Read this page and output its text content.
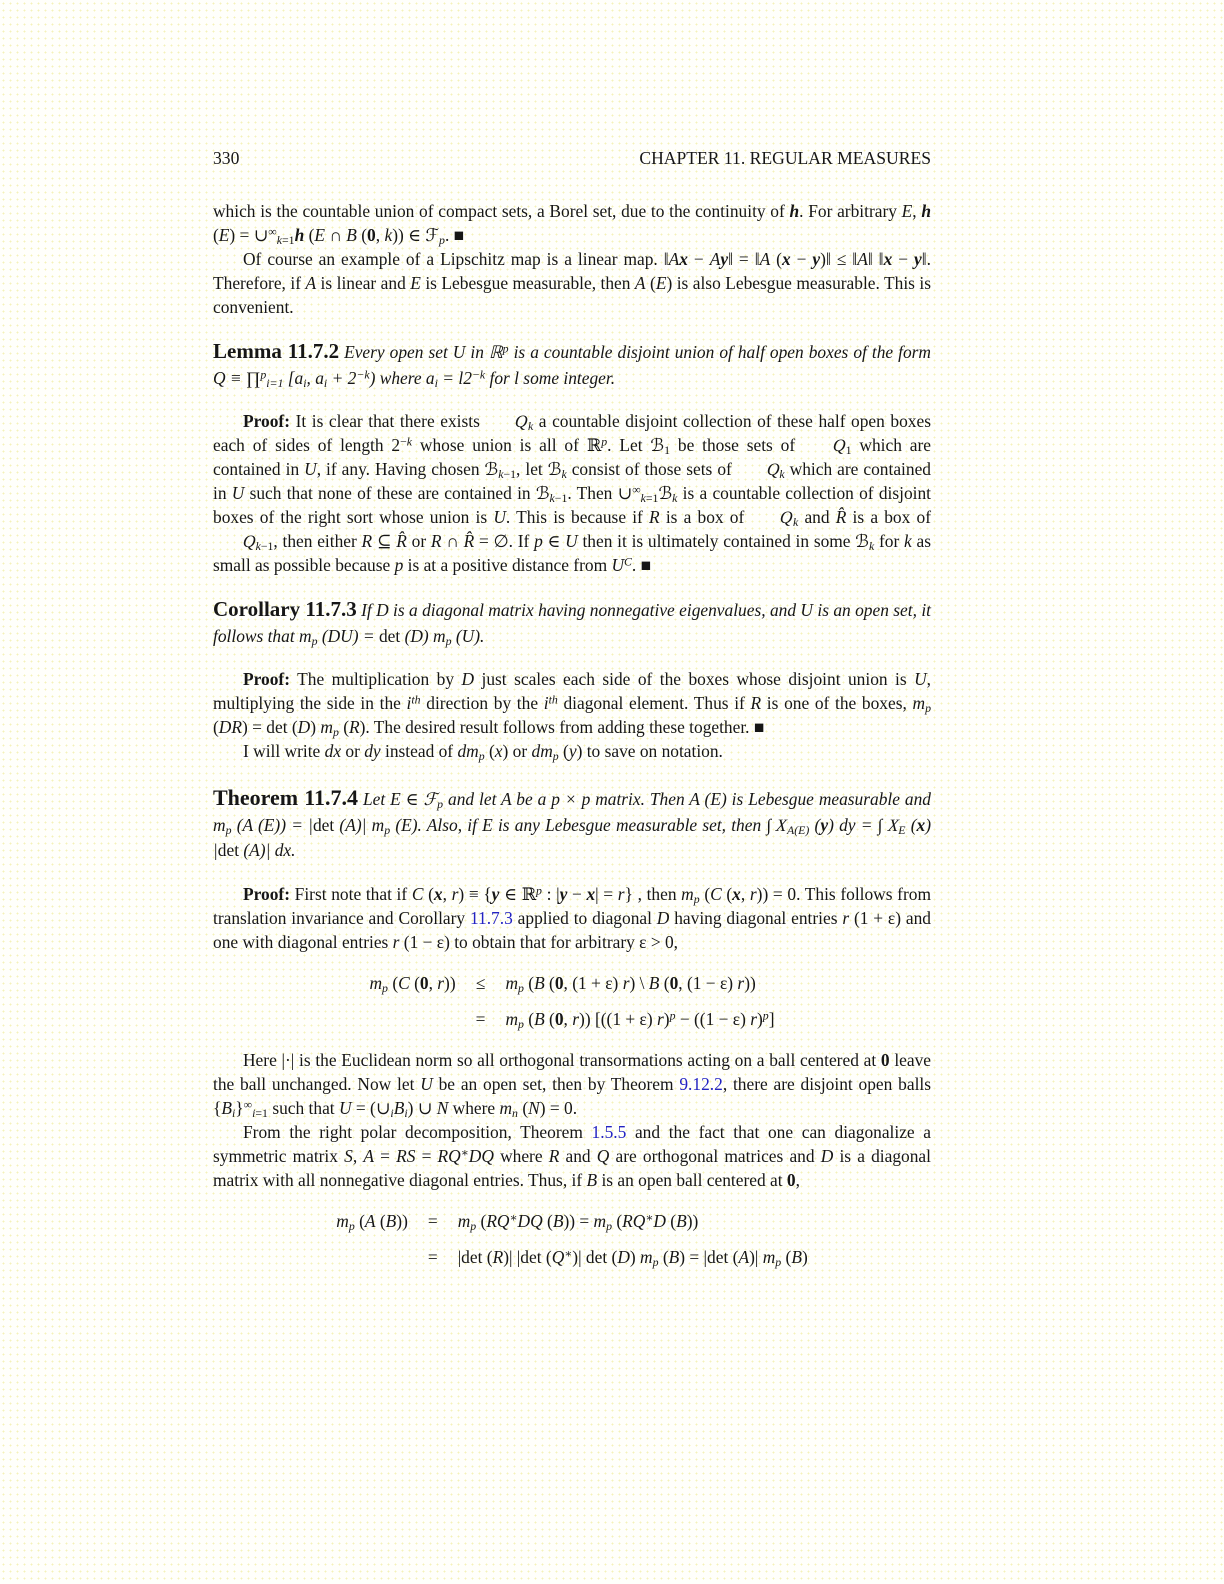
330	CHAPTER 11. REGULAR MEASURES

which is the countable union of compact sets, a Borel set, due to the continuity of h. For arbitrary E, h $(E) = \cup^\infty_{k=1}h$ (E ∩ B (0, k)) ∈ ℱ$_p$. ■

Of course an example of a Lipschitz map is a linear map. ‖Ax − Ay‖ = ‖A (x − y)‖ ≤ ‖A‖ ‖x − y‖. Therefore, if A is linear and E is Lebesgue measurable, then A (E) is also Lebesgue measurable. This is convenient.

Lemma 11.7.2 Every open set U in ℝ$^p$ is a countable disjoint union of half open boxes of the form Q ≡ ∏$^p_{i=1}$ [$a_i$, $a_i + 2^{-k}$) where $a_i = l2^{-k}$ for l some integer.

Proof: It is clear that there exists $Q_k$ a countable disjoint collection of these half open boxes each of sides of length $2^{-k}$ whose union is all of ℝ$^p$. Let ℬ$_1$ be those sets of $Q_1$ which are contained in U, if any. Having chosen ℬ$_{k-1}$, let ℬ$_k$ consist of those sets of $Q_k$ which are contained in U such that none of these are contained in ℬ$_{k-1}$. Then $\cup^\infty_{k=1}ℬ_k$ is a countable collection of disjoint boxes of the right sort whose union is U. This is because if R is a box of $Q_k$ and R̂ is a box of $Q_{k-1}$, then either R ⊆ R̂ or R ∩ R̂ = ∅. If p ∈ U then it is ultimately contained in some ℬ$_k$ for k as small as possible because p is at a positive distance from $U^C$. ■

Corollary 11.7.3 If D is a diagonal matrix having nonnegative eigenvalues, and U is an open set, it follows that $m_p$ (DU) = det (D) $m_p$ (U).

Proof: The multiplication by D just scales each side of the boxes whose disjoint union is U, multiplying the side in the $i^{th}$ direction by the $i^{th}$ diagonal element. Thus if R is one of the boxes, $m_p$ (DR) = det (D) $m_p$ (R). The desired result follows from adding these together. ■

I will write dx or dy instead of $dm_p$ (x) or $dm_p$ (y) to save on notation.

Theorem 11.7.4 Let E ∈ ℱ$_p$ and let A be a p × p matrix. Then A (E) is Lebesgue measurable and $m_p$ (A (E)) = |det (A)| $m_p$ (E). Also, if E is any Lebesgue measurable set, then ∫ $X_{A(E)}$ (y) dy = ∫ $X_E$ (x) |det (A)| dx.

Proof: First note that if C (x, r) ≡ {y ∈ ℝ$^p$ : |y − x| = r} , then $m_p$ (C (x, r)) = 0. This follows from translation invariance and Corollary 11.7.3 applied to diagonal D having diagonal entries r (1 + ε) and one with diagonal entries r (1 − ε) to obtain that for arbitrary ε > 0,

$m_p$ (C (0, $r)) \le m_p$ (B (0, (1 + ε) r) \ B (0, (1 − ε) r))
= $m_p$ (B (0, r)) [((1 + ε) r)$^p$ − ((1 − ε) r)$^p$]

Here |·| is the Euclidean norm so all orthogonal transormations acting on a ball centered at 0 leave the ball unchanged. Now let U be an open set, then by Theorem 9.12.2, there are disjoint open balls $\{B_i\}^\infty_{i=1}$ such that $U = (\cup_iB_i)$ ∪ N where $m_n$ (N) = 0.

From the right polar decomposition, Theorem 1.5.5 and the fact that one can diagonalize a symmetric matrix S, A = RS = RQ∗DQ where R and Q are orthogonal matrices and D is a diagonal matrix with all nonnegative diagonal entries. Thus, if B is an open ball centered at 0,

$m_p$ (A $(B)) = m_p$ (RQ∗DQ $(B)) = m_p$ (RQ∗D (B))
= |det (R)| |det (Q∗)| det (D) $m_p$ (B) = |det (A)| $m_p$ (B)
